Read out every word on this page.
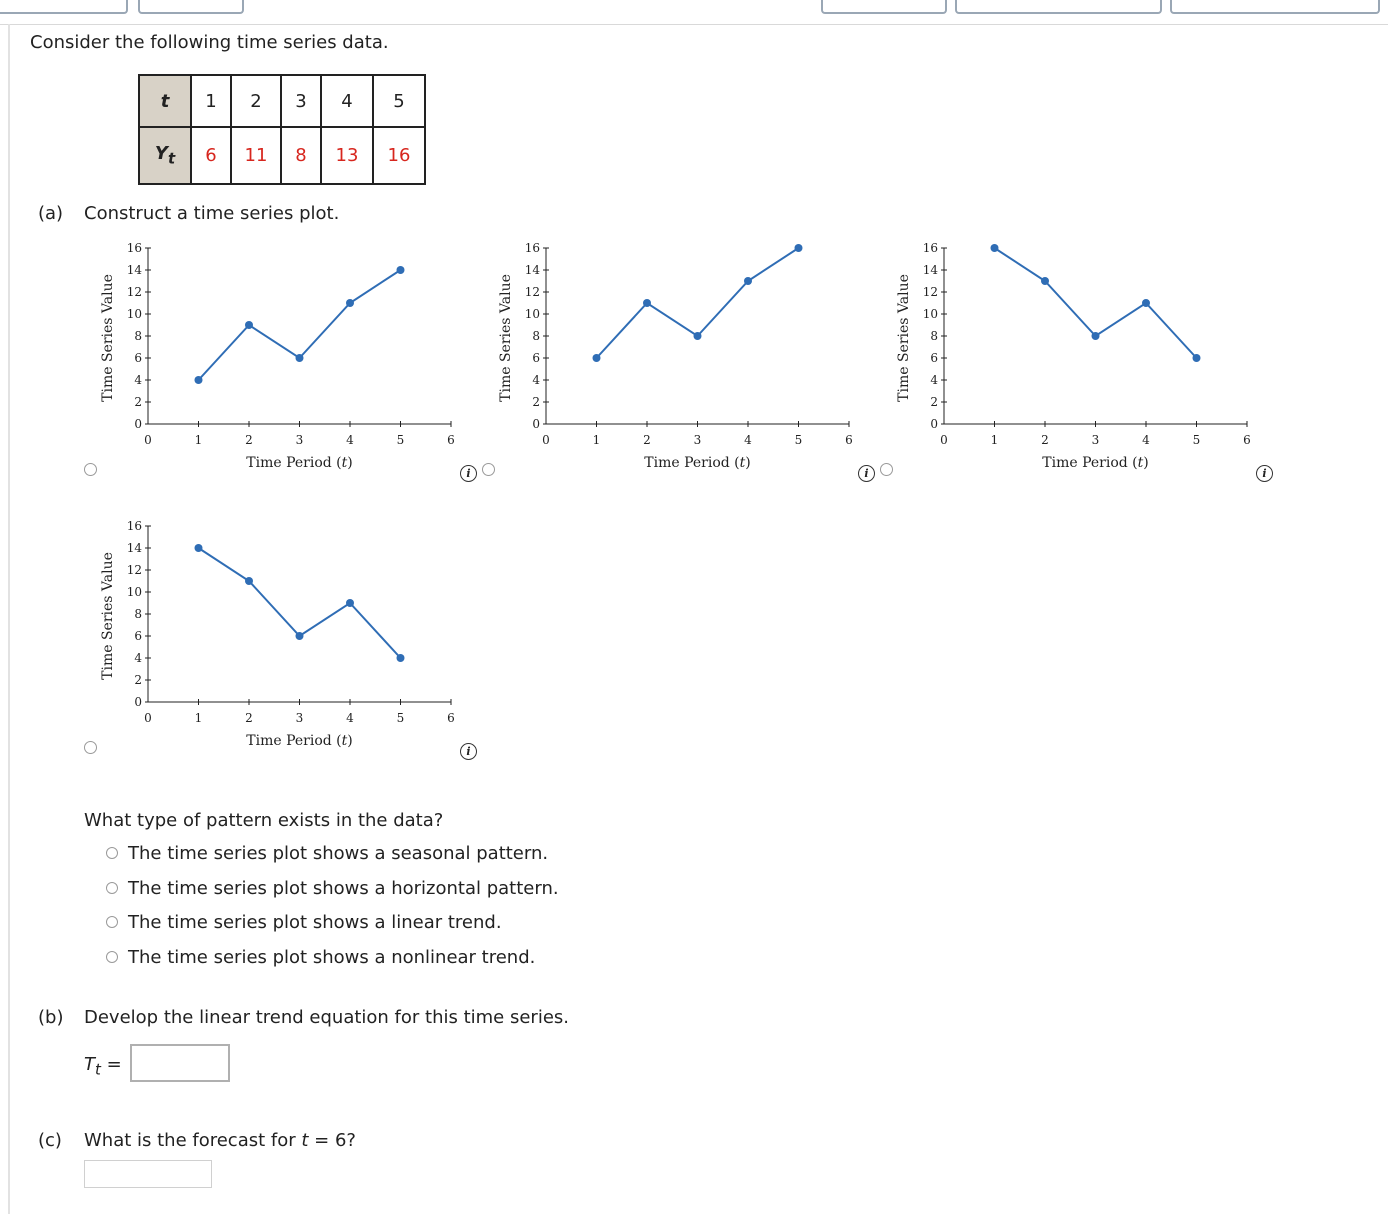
Consider the following time series data.
t	1	2	3	4	5
$Y_t$	6	11	8	13	16
(a) Construct a time series plot.
0
2
4
6
8
10
12
14
16
0	1	2	3	4	5	6
Time Period (t)
Time Series Value
0
2
4
6
8
10
12
14
16
0	1	2	3	4	5	6
Time Period (t)
Time Series Value
0
2
4
6
8
10
12
14
16
0	1	2	3	4	5	6
Time Period (t)
Time Series Value
0
2
4
6
8
10
12
14
16
0	1	2	3	4	5	6
Time Period (t)
Time Series Value
i	i	i
i
What type of pattern exists in the data?
The time series plot shows a seasonal pattern.
The time series plot shows a horizontal pattern.
The time series plot shows a linear trend.
The time series plot shows a nonlinear trend.
(b) Develop the linear trend equation for this time series.
$T_t$ =
(c) What is the forecast for t = 6?
